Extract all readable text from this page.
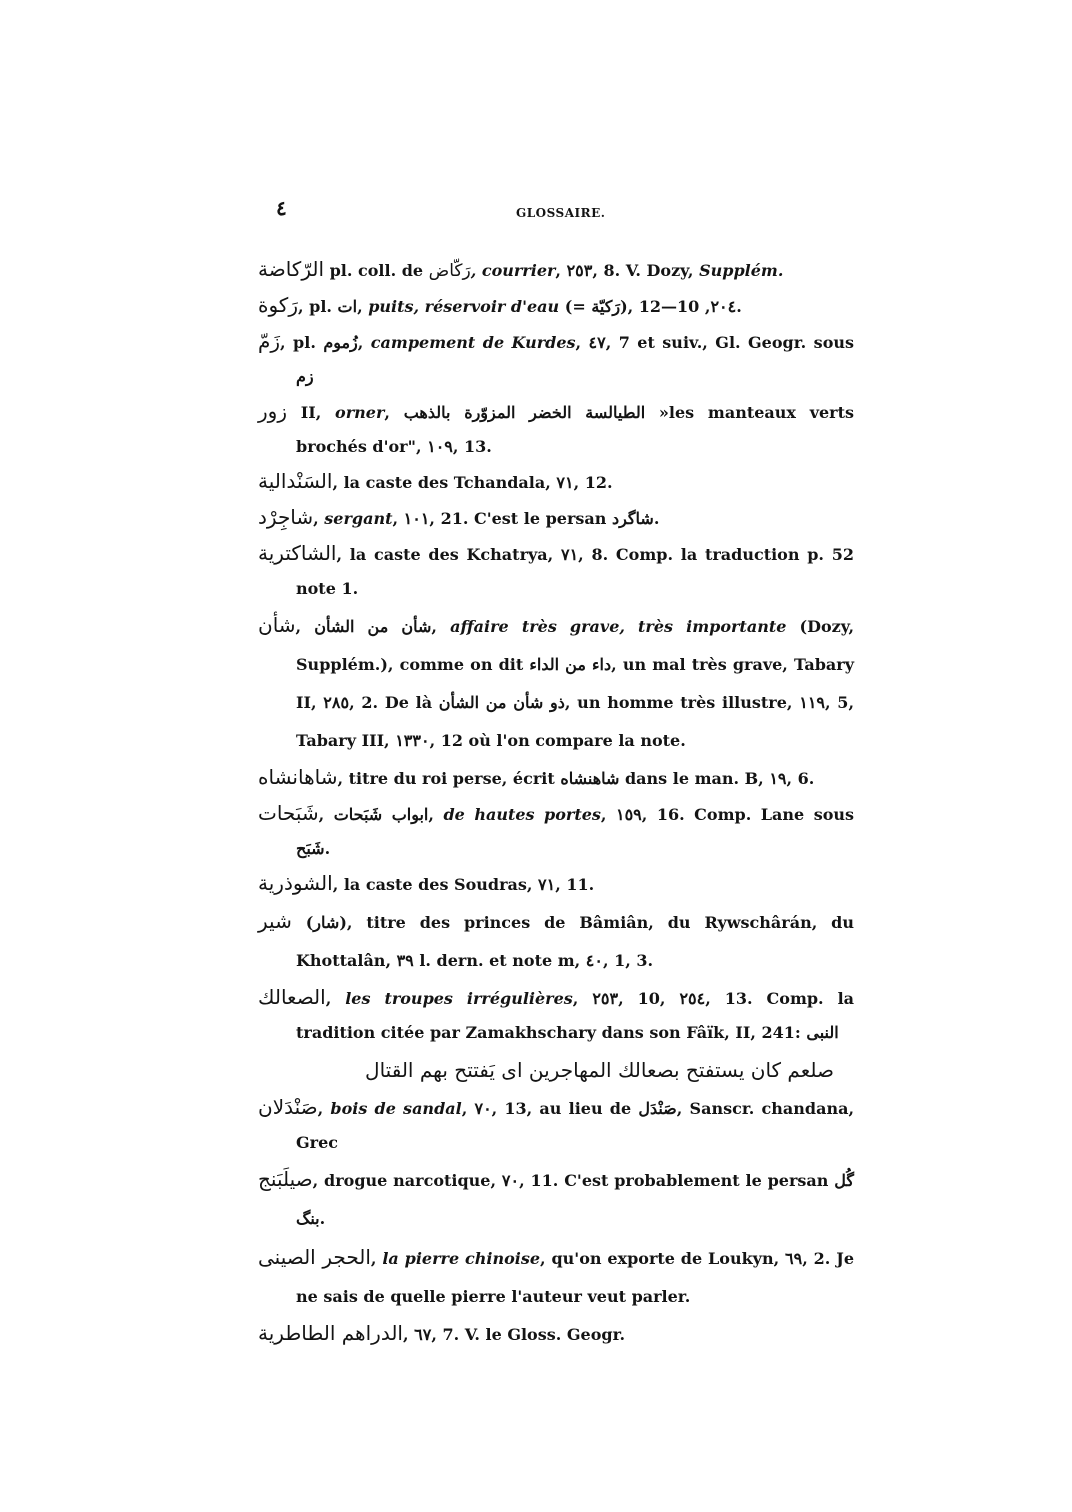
٤	GLOSSAIRE.
الرّكاضة pl. coll. de رَكّاض, courrier, ٢٥٣, 8. V. Dozy, Supplém.
رَكوة, pl. ات, puits, réservoir d'eau (= رَكيّة), ٢٠٤, 10—12.
زَمّ, pl. زُموم, campement de Kurdes, ٤٧, 7 et suiv., Gl. Geogr. sous زم
زور II, orner, الطيالسة الخضر المزوّرة بالذهب »les manteaux verts brochés d'or", ١٠٩, 13.
السَنْدالية, la caste des Tchandala, ٧١, 12.
شاجِرْد, sergant, ١٠١, 21. C'est le persan شاگرد.
الشاكترية, la caste des Kchatrya, ٧١, 8. Comp. la traduction p. 52 note 1.
شأن, شأن من الشأن, affaire très grave, très importante (Dozy, Supplém.), comme on dit داء من الداء, un mal très grave, Tabary II, ٢٨٥, 2. De là ذو شأن من الشأن, un homme très illustre, ١١٩, 5, Tabary III, ١٣٣٠, 12 où l'on compare la note.
شاهانشاه, titre du roi perse, écrit شاهنشاه dans le man. B, ١٩, 6.
شَبَحات, ابواب شَبَحات, de hautes portes, ١٥٩, 16. Comp. Lane sous شَبَح.
الشوذرية, la caste des Soudras, ٧١, 11.
شير (شار), titre des princes de Bâmiân, du Rywschârán, du Khottalân, ٣٩ l. dern. et note m, ٤٠, 1, 3.
الصعالك, les troupes irrégulières, ٢٥٣, 10, ٢٥٤, 13. Comp. la tradition citée par Zamakhschary dans son Fâïk, II, 241: النبى
صلعم كان يستفتح بصعالك المهاجرين اى يَفتتح بهم القتال
صَنْدَلان, bois de sandal, ٧٠, 13, au lieu de صَنْدَل, Sanscr. chandana, Grec
صيلَبَنج, drogue narcotique, ٧٠, 11. C'est probablement le persan گُل بنگ.
الحجر الصينى, la pierre chinoise, qu'on exporte de Loukyn, ٦٩, 2. Je ne sais de quelle pierre l'auteur veut parler.
الدراهم الطاطرية, ٦٧, 7. V. le Gloss. Geogr.
